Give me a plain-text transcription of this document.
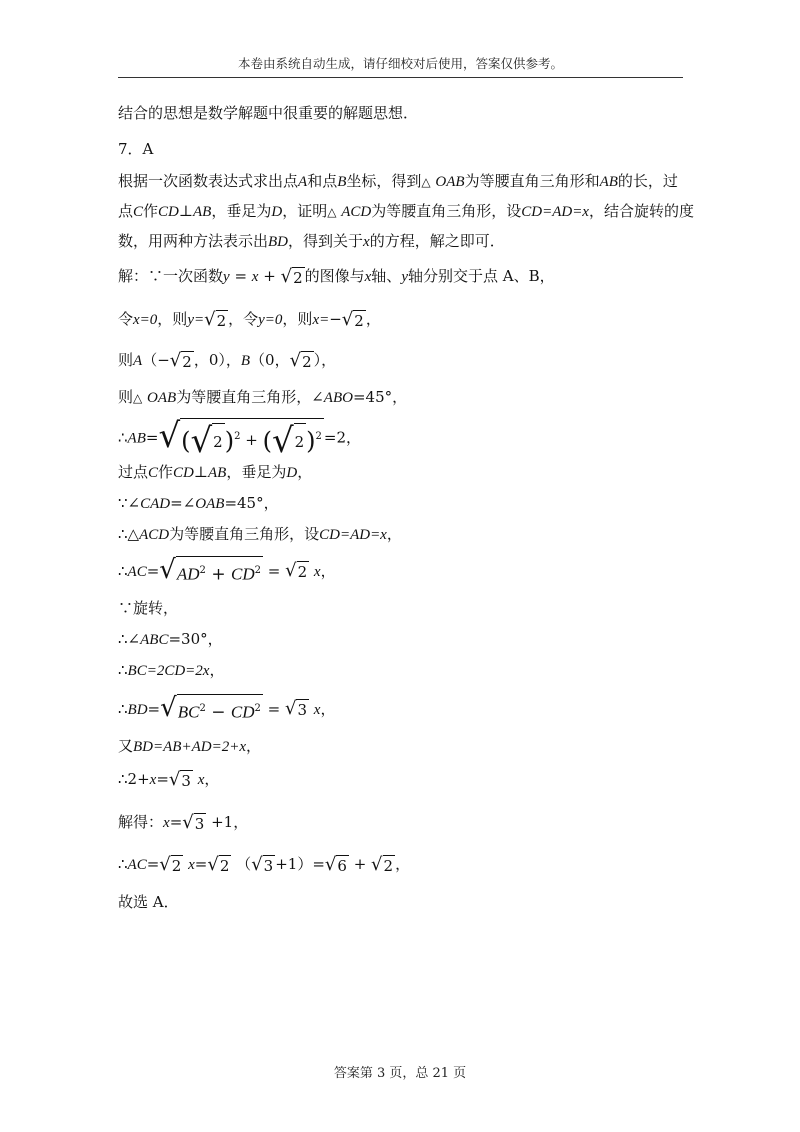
本卷由系统自动生成，请仔细校对后使用，答案仅供参考。
结合的思想是数学解题中很重要的解题思想．
7．A
根据一次函数表达式求出点A和点B坐标，得到△ OAB为等腰直角三角形和AB的长，过
点C作CD⊥AB，垂足为D，证明△ ACD为等腰直角三角形，设CD=AD=x，结合旋转的度
数，用两种方法表示出BD，得到关于x的方程，解之即可．
解：∵一次函数y = x + √ 2 的图像与x轴、y轴分别交于点 A、B，
令x=0，则y= √ 2 ，令y=0，则x=− √ 2 ，
则A（− √ 2 ，0），B（0， √ 2 ），
则△ OAB为等腰直角三角形，∠ABO=45°，
∴AB= √ ( √ 2 )$^2$ + ( √ 2 )$^2$ =2，
过点C作CD⊥AB，垂足为D，
∵∠CAD=∠OAB=45°，
∴△ACD为等腰直角三角形，设CD=AD=x，
∴AC= √ $AD^2 + CD^2$ = √ 2 x，
∵旋转，
∴∠ABC=30°，
∴BC=2CD=2x，
∴BD= √ $BC^2 - CD^2$ = √ 3 x，
又BD=AB+AD=2+x，
∴2+x= √ 3 x，
解得：x= √ 3 +1，
∴AC= √ 2 x= √ 2 （ √ 3 +1）= √ 6 + √ 2 ，
故选 A．
答案第 3 页，总 21 页
